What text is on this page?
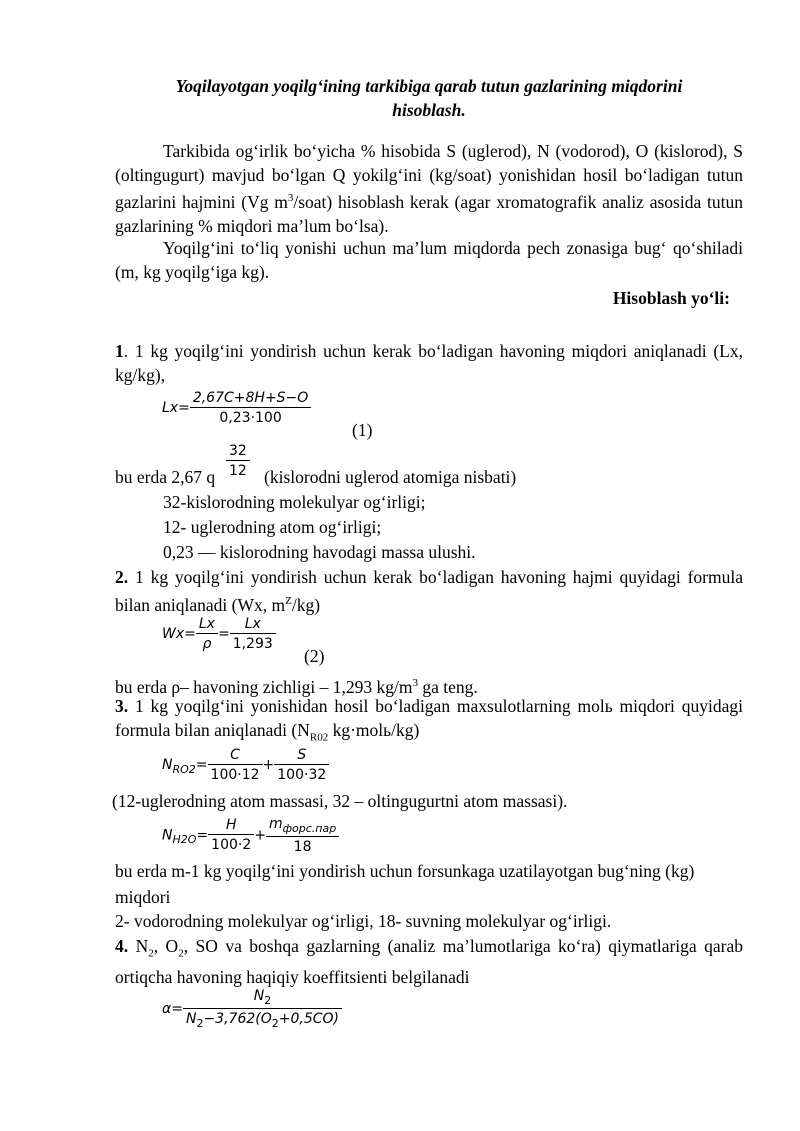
Yoqilayotgan yoqilg‘ining tarkibiga qarab tutun gazlarining miqdorini
hisoblash.
Tarkibida og‘irlik bo‘yicha % hisobida S (uglerod), N (vodorod), O (kislorod), S (oltingugurt) mavjud bo‘lgan Q yokilg‘ini (kg/soat) yonishidan hosil bo‘ladigan tutun gazlarini hajmini (Vg $m^3/soat$) hisoblash kerak (agar xromatografik analiz asosida tutun gazlarining % miqdori ma’lum bo‘lsa).
Yoqilg‘ini to‘liq yonishi uchun ma’lum miqdorda pech zonasiga bug‘ qo‘shiladi (m, kg yoqilg‘iga kg).
Hisoblash yo‘li:
1. 1 kg yoqilg‘ini yondirish uchun kerak bo‘ladigan havoning miqdori aniqlanadi (Lx, kg/kg),
$Lx= \frac{2,67C+8H+S-O}{0,23\cdot 100}$
(1)
$\frac{32}{12}$
bu erda 2,67 q	(kislorodni uglerod atomiga nisbati)
32-kislorodning molekulyar og‘irligi;
12- uglerodning atom og‘irligi;
0,23 — kislorodning havodagi massa ulushi.
2. 1 kg yoqilg‘ini yondirish uchun kerak bo‘ladigan havoning hajmi quyidagi formula bilan aniqlanadi (Wx, $m^Z/kg$)
$Wx= \frac{Lx}{\rho} = \frac{Lx}{1,293}$
(2)
bu erda ρ– havoning zichligi – 1,293 $kg/m^3$ ga teng.
3. 1 kg yoqilg‘ini yonishidan hosil bo‘ladigan maxsulotlarning molь miqdori quyidagi formula bilan aniqlanadi ($N_{R02}$ kg·molь/kg)
$N_{RO2}= \frac{C}{100\cdot 12} + \frac{S}{100\cdot 32}$
(12-uglerodning atom massasi, 32 – oltingugurtni atom massasi).
$N_{H2O}= \frac{H}{100\cdot 2}$ +
$m_{форс.пар}$
18
bu erda m-1 kg yoqilg‘ini yondirish uchun forsunkaga uzatilayotgan bug‘ning (kg)
miqdori
2- vodorodning molekulyar og‘irligi, 18- suvning molekulyar og‘irligi.
4. $N_2$, $O_2$, SO va boshqa gazlarning (analiz ma’lumotlariga ko‘ra) qiymatlariga qarab ortiqcha havoning haqiqiy koeffitsienti belgilanadi
$\alpha= \frac{N_2}{N_2-3,762(O_2+0,5CO)}$
